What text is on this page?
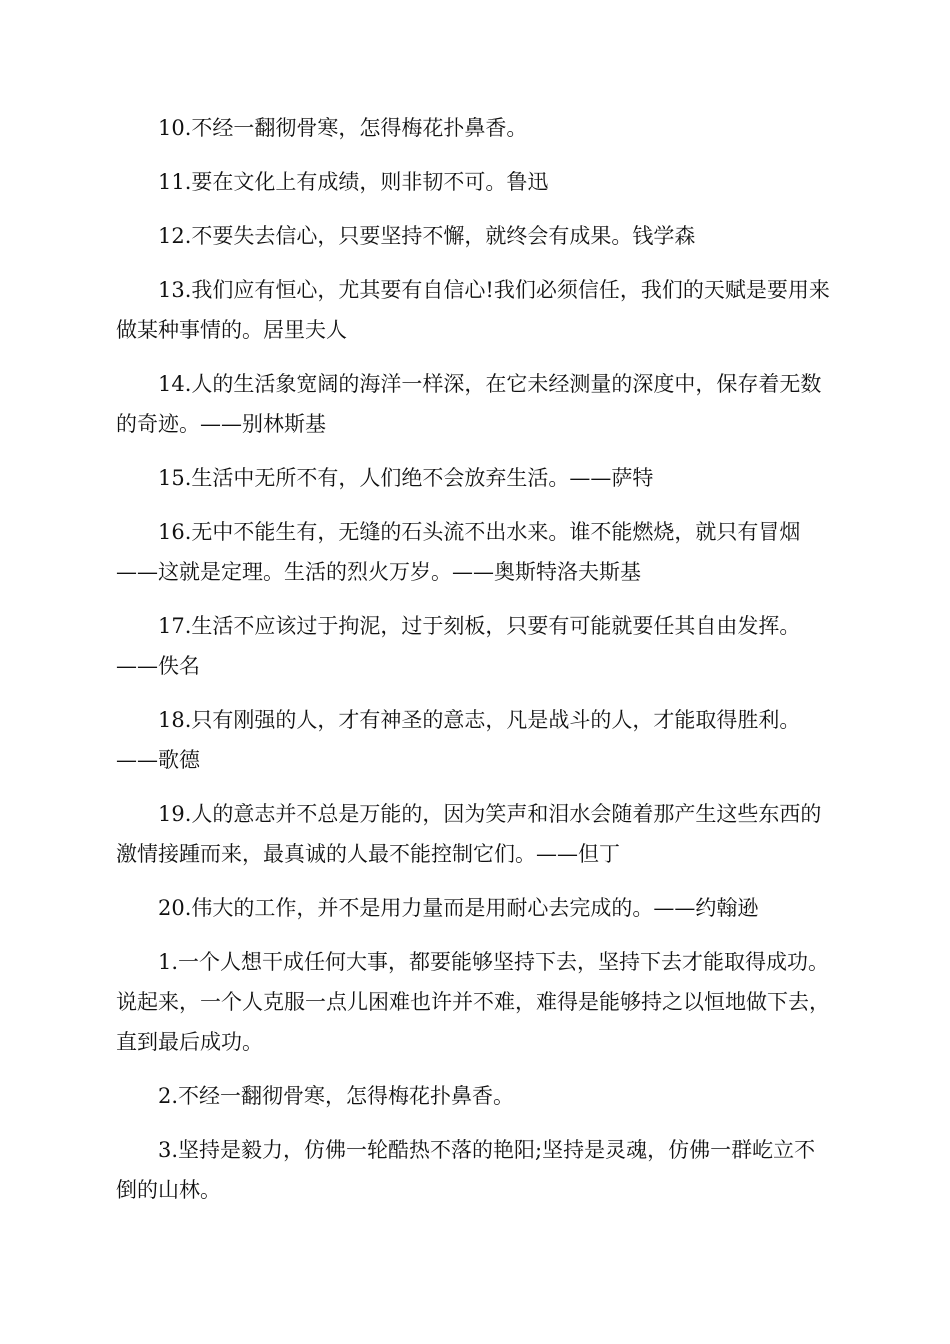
10.不经一翻彻骨寒，怎得梅花扑鼻香。

11.要在文化上有成绩，则非韧不可。鲁迅

12.不要失去信心，只要坚持不懈，就终会有成果。钱学森

13.我们应有恒心，尤其要有自信心!我们必须信任，我们的天赋是要用来做某种事情的。居里夫人

14.人的生活象宽阔的海洋一样深，在它未经测量的深度中，保存着无数的奇迹。——别林斯基

15.生活中无所不有，人们绝不会放弃生活。——萨特

16.无中不能生有，无缝的石头流不出水来。谁不能燃烧，就只有冒烟——这就是定理。生活的烈火万岁。——奥斯特洛夫斯基

17.生活不应该过于拘泥，过于刻板，只要有可能就要任其自由发挥。——佚名

18.只有刚强的人，才有神圣的意志，凡是战斗的人，才能取得胜利。——歌德

19.人的意志并不总是万能的，因为笑声和泪水会随着那产生这些东西的激情接踵而来，最真诚的人最不能控制它们。——但丁

20.伟大的工作，并不是用力量而是用耐心去完成的。——约翰逊

1.一个人想干成任何大事，都要能够坚持下去，坚持下去才能取得成功。说起来，一个人克服一点儿困难也许并不难，难得是能够持之以恒地做下去，直到最后成功。

2.不经一翻彻骨寒，怎得梅花扑鼻香。

3.坚持是毅力，仿佛一轮酷热不落的艳阳;坚持是灵魂，仿佛一群屹立不倒的山林。
